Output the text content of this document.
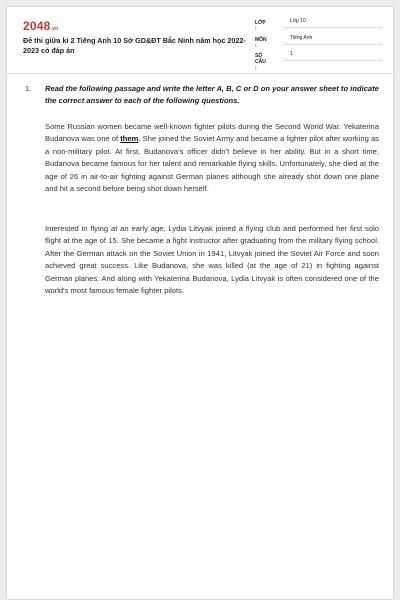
2048.vn
Đề thi giữa kì 2 Tiếng Anh 10 Sở GD&ĐT Bắc Ninh năm học 2022-2023 có đáp án
LỚP :
Lớp 10
MÔN :
Tiếng Anh
SỐ CÂU :
1
1. Read the following passage and write the letter A, B, C or D on your answer sheet to indicate the correct answer to each of the following questions.
Some Russian women became well-known fighter pilots during the Second World War. Yekaterina Budanova was one of them. She joined the Soviet Army and became a lighter pilot after working as a non-military pilot. At first, Budanova's officer didn't believe in her ability. But in a short time, Budanova became famous for her talent and remarkable flying skills. Unfortunately, she died at the age of 26 in air-to-air fighting against German planes although she already shot down one plane and hit a second before being shot down herself.
Interested in flying at an early age, Lydia Litvyak joined a flying club and performed her first solo flight at the age of 15. She became a fight instructor after graduating from the military flying school. After the German attack on the Soviet Union in 1941, Litvyak joined the Soviet Air Force and soon achieved great success. Like Budanova, she was killed (at the age of 21) in fighting against German planes. And along with Yekaterina Budanova, Lydia Litvyak is often considered one of the world's most famous female fighter pilots.
